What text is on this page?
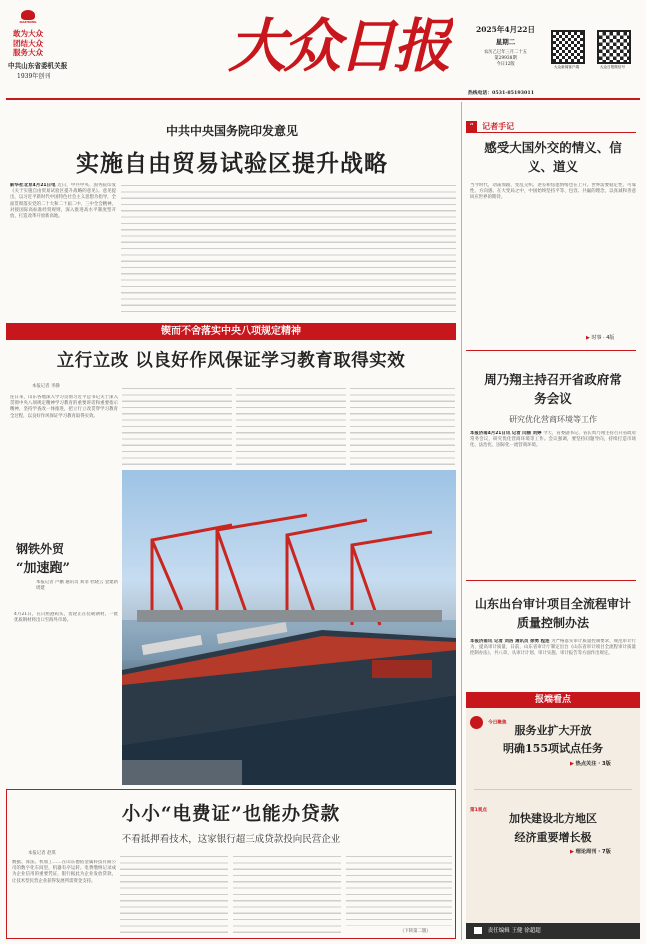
DAZHONG
敢为大众
团结大众
服务大众
中共山东省委机关报
1939年创刊	大众日报	2025年4月22日
星期二
农历乙巳年三月二十五
第29938期
今日12版	大众新闻客户端	大众日报微信号
热线电话：0531-85193011
中共中央国务院印发意见
实施自由贸易试验区提升战略
新华社北京4月21日电 近日，中共中央、国务院印发《关于实施自由贸易试验区提升战略的意见》。意见提出，以习近平新时代中国特色社会主义思想为指导，全面贯彻落实党的二十大和二十届二中、三中全会精神，对接国际高标准经贸规则，深入推进高水平制度型开放，打造改革开放新高地。
锲而不舍落实中央八项规定精神
立行立改 以良好作风保证学习教育取得实效
本报记者 李静
连日来，山东各地深入学习贯彻习近平总书记关于深入贯彻中央八项规定精神学习教育的重要讲话和重要指示精神，坚持学查改一体推进，把立行立改贯穿学习教育全过程，以良好作风保证学习教育取得实效。
钢铁外贸
“加速跑”
本报记者 卢鹏 通讯员 刘菲 杜晓云 金建新 周建
4月21日，在日照港码头，货轮正在装载钢材，一批优质钢材将出口至海外市场。
小小“电费证”也能办贷款
不看抵押看技术，这家银行超三成贷款投向民营企业
本报记者 赵琪
数据、算法、机加工……在山东德佑金属科技有限公司的数字化车间里，机器有序运转。电费缴纳记录成为企业信用的重要凭证，银行据此为企业发放贷款，让技术型民营企业获得发展所需资金支持。
（下转第二版）
“ 记者手记
感受大国外交的情义、信义、道义
当今时代，动荡加剧、变乱交织、逆差和焦虑情绪也在上升。世界需要稳定性、可靠性、方向感。在大变局之中，中国始终坚持平等、包容、共赢的理念，以真诚和善意回应世界的期待。
▶ 时事 · 4版
周乃翔主持召开省政府常务会议
研究优化营商环境等工作
本报济南4月21日讯 记者 闫丽 刘婷 今天，省委副书记、省长周乃翔主持召开省政府常务会议，研究优化营商环境等工作。会议强调，要坚持问题导向，持续打造市场化、法治化、国际化一流营商环境。
山东出台审计项目全流程审计质量控制办法
本报济南讯 记者 刘洁 通讯员 徐勇 程连 为严格落实审计质量控制要求，规范审计行为，提高审计质量，日前，山东省审计厅制定出台《山东省审计项目全流程审计质量控制办法》，共八章，从审计计划、审计实施、审计报告等方面作出规定。
报端看点
今日聚焦
服务业扩大开放
明确155项试点任务
▶ 热点关注 · 3版
第1观点
加快建设北方地区
经济重要增长极
▶ 理论周刊 · 7版
责任编辑 王健 徐超超
